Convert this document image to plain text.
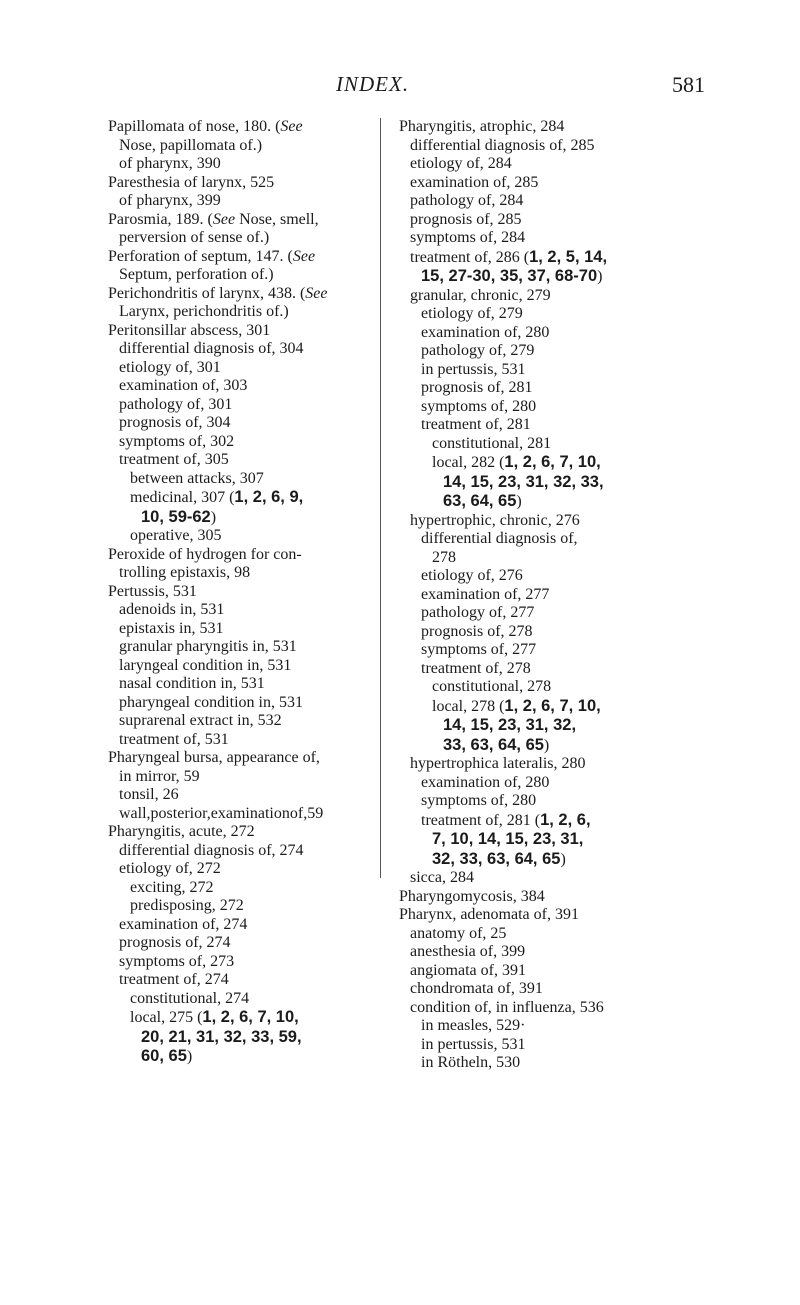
INDEX.	581
Papillomata of nose, 180. (See
Nose, papillomata of.)
of pharynx, 390
Paresthesia of larynx, 525
of pharynx, 399
Parosmia, 189. (See Nose, smell,
perversion of sense of.)
Perforation of septum, 147. (See
Septum, perforation of.)
Perichondritis of larynx, 438. (See
Larynx, perichondritis of.)
Peritonsillar abscess, 301
differential diagnosis of, 304
etiology of, 301
examination of, 303
pathology of, 301
prognosis of, 304
symptoms of, 302
treatment of, 305
between attacks, 307
medicinal, 307 (1, 2, 6, 9,
10, 59-62)
operative, 305
Peroxide of hydrogen for con-
trolling epistaxis, 98
Pertussis, 531
adenoids in, 531
epistaxis in, 531
granular pharyngitis in, 531
laryngeal condition in, 531
nasal condition in, 531
pharyngeal condition in, 531
suprarenal extract in, 532
treatment of, 531
Pharyngeal bursa, appearance of,
in mirror, 59
tonsil, 26
wall,posterior,examinationof,59
Pharyngitis, acute, 272
differential diagnosis of, 274
etiology of, 272
exciting, 272
predisposing, 272
examination of, 274
prognosis of, 274
symptoms of, 273
treatment of, 274
constitutional, 274
local, 275 (1, 2, 6, 7, 10,
20, 21, 31, 32, 33, 59,
60, 65)
Pharyngitis, atrophic, 284
differential diagnosis of, 285
etiology of, 284
examination of, 285
pathology of, 284
prognosis of, 285
symptoms of, 284
treatment of, 286 (1, 2, 5, 14,
15, 27-30, 35, 37, 68-70)
granular, chronic, 279
etiology of, 279
examination of, 280
pathology of, 279
in pertussis, 531
prognosis of, 281
symptoms of, 280
treatment of, 281
constitutional, 281
local, 282 (1, 2, 6, 7, 10,
14, 15, 23, 31, 32, 33,
63, 64, 65)
hypertrophic, chronic, 276
differential diagnosis of,
278
etiology of, 276
examination of, 277
pathology of, 277
prognosis of, 278
symptoms of, 277
treatment of, 278
constitutional, 278
local, 278 (1, 2, 6, 7, 10,
14, 15, 23, 31, 32,
33, 63, 64, 65)
hypertrophica lateralis, 280
examination of, 280
symptoms of, 280
treatment of, 281 (1, 2, 6,
7, 10, 14, 15, 23, 31,
32, 33, 63, 64, 65)
sicca, 284
Pharyngomycosis, 384
Pharynx, adenomata of, 391
anatomy of, 25
anesthesia of, 399
angiomata of, 391
chondromata of, 391
condition of, in influenza, 536
in measles, 529·
in pertussis, 531
in Rötheln, 530
